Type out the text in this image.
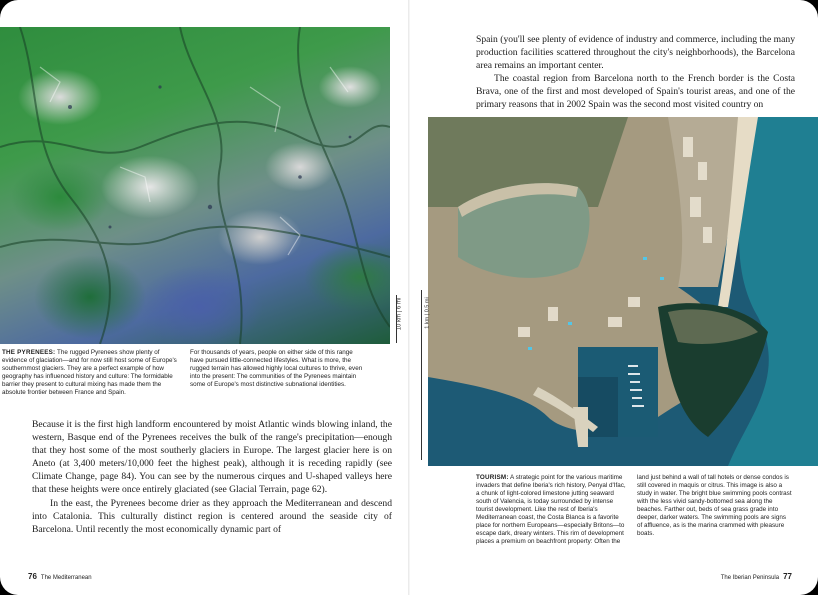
10 km | 6 mi
THE PYRENEES: The rugged Pyrenees show plenty of evidence of glaciation—and for now still host some of Europe's southernmost glaciers. They are a perfect example of how geography has influenced history and culture: The formidable barrier they present to cultural mixing has made them the absolute frontier between France and Spain.
For thousands of years, people on either side of this range have pursued little-connected lifestyles. What is more, the rugged terrain has allowed highly local cultures to thrive, even into the present: The communities of the Pyrenees maintain some of Europe's most distinctive subnational identities.

Because it is the first high landform encountered by moist Atlantic winds blowing inland, the western, Basque end of the Pyrenees receives the bulk of the range's precipitation—enough that they host some of the most southerly glaciers in Europe. The largest glacier here is on Aneto (at 3,400 meters/10,000 feet the highest peak), although it is receding rapidly (see Climate Change, page 84). You can see by the numerous cirques and U-shaped valleys here that these heights were once entirely glaciated (see Glacial Terrain, page 62).

In the east, the Pyrenees become drier as they approach the Mediterranean and descend into Catalonia. This culturally distinct region is centered around the seaside city of Barcelona. Until recently the most economically dynamic part of

76 The Mediterranean

Spain (you'll see plenty of evidence of industry and commerce, including the many production facilities scattered throughout the city's neighborhoods), the Barcelona area remains an important center.

The coastal region from Barcelona north to the French border is the Costa Brava, one of the first and most developed of Spain's tourist areas, and one of the primary reasons that in 2002 Spain was the second most visited country on

1 km | 0.5 mi
TOURISM: A strategic point for the various maritime invaders that define Iberia's rich history, Penyal d'Ifac, a chunk of light-colored limestone jutting seaward south of Valencia, is today surrounded by intense tourist development. Like the rest of Iberia's Mediterranean coast, the Costa Blanca is a favorite place for northern Europeans—especially Britons—to escape dark, dreary winters. This rim of development places a premium on beachfront property: Often the
land just behind a wall of tall hotels or dense condos is still covered in maquis or citrus. This image is also a study in water. The bright blue swimming pools contrast with the less vivid sandy-bottomed sea along the beaches. Farther out, beds of sea grass grade into deeper, darker waters. The swimming pools are signs of affluence, as is the marina crammed with pleasure boats.
The Iberian Peninsula 77
